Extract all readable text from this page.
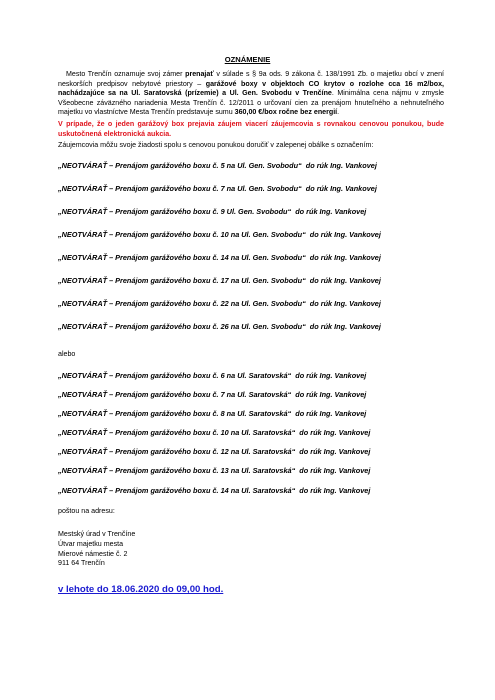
OZNÁMENIE
Mesto Trenčín oznamuje svoj zámer prenajať v súlade s § 9a ods. 9 zákona č. 138/1991 Zb. o majetku obcí v znení neskorších predpisov nebytové priestory – garážové boxy v objektoch CO krytov o rozlohe cca 16 m2/box, nachádzajúce sa na Ul. Saratovská (prízemie) a Ul. Gen. Svobodu v Trenčíne. Minimálna cena nájmu v zmysle Všeobecne záväzného nariadenia Mesta Trenčín č. 12/2011 o určovaní cien za prenájom hnuteľného a nehnuteľného majetku vo vlastníctve Mesta Trenčín predstavuje sumu 360,00 €/box ročne bez energií.
V prípade, že o jeden garážový box prejavia záujem viacerí záujemcovia s rovnakou cenovou ponukou, bude uskutočnená elektronická aukcia.
Záujemcovia môžu svoje žiadosti spolu s cenovou ponukou doručiť v zalepenej obálke s označením:
„NEOTVÁRAŤ – Prenájom garážového boxu č. 5 na Ul. Gen. Svobodu“ do rúk Ing. Vankovej
„NEOTVÁRAŤ – Prenájom garážového boxu č. 7 na Ul. Gen. Svobodu“ do rúk Ing. Vankovej
„NEOTVÁRAŤ – Prenájom garážového boxu č. 9 Ul. Gen. Svobodu“ do rúk Ing. Vankovej
„NEOTVÁRAŤ – Prenájom garážového boxu č. 10 na Ul. Gen. Svobodu“ do rúk Ing. Vankovej
„NEOTVÁRAŤ – Prenájom garážového boxu č. 14 na Ul. Gen. Svobodu“ do rúk Ing. Vankovej
„NEOTVÁRAŤ – Prenájom garážového boxu č. 17 na Ul. Gen. Svobodu“ do rúk Ing. Vankovej
„NEOTVÁRAŤ – Prenájom garážového boxu č. 22 na Ul. Gen. Svobodu“ do rúk Ing. Vankovej
„NEOTVÁRAŤ – Prenájom garážového boxu č. 26 na Ul. Gen. Svobodu“ do rúk Ing. Vankovej
alebo
„NEOTVÁRAŤ – Prenájom garážového boxu č. 6 na Ul. Saratovská“ do rúk Ing. Vankovej
„NEOTVÁRAŤ – Prenájom garážového boxu č. 7 na Ul. Saratovská“ do rúk Ing. Vankovej
„NEOTVÁRAŤ – Prenájom garážového boxu č. 8 na Ul. Saratovská“ do rúk Ing. Vankovej
„NEOTVÁRAŤ – Prenájom garážového boxu č. 10 na Ul. Saratovská“ do rúk Ing. Vankovej
„NEOTVÁRAŤ – Prenájom garážového boxu č. 12 na Ul. Saratovská“ do rúk Ing. Vankovej
„NEOTVÁRAŤ – Prenájom garážového boxu č. 13 na Ul. Saratovská“ do rúk Ing. Vankovej
„NEOTVÁRAŤ – Prenájom garážového boxu č. 14 na Ul. Saratovská“ do rúk Ing. Vankovej
poštou na adresu:
Mestský úrad v Trenčíne
Útvar majetku mesta
Mierové námestie č. 2
911 64 Trenčín
v lehote do 18.06.2020 do 09,00 hod.
